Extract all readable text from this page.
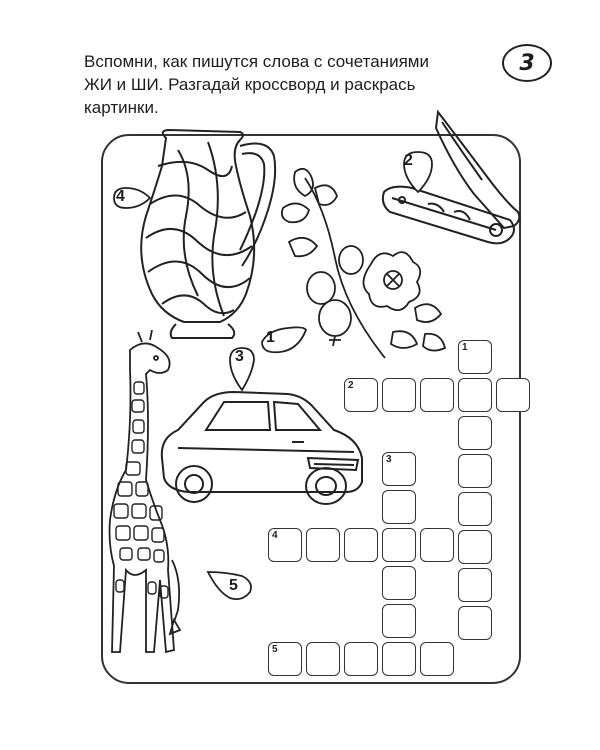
Вспомни, как пишутся слова с сочетаниями
ЖИ и ШИ. Разгадай кроссворд и раскрась
картинки.
3
4
2
1
3
5
1
2
3
4
5
